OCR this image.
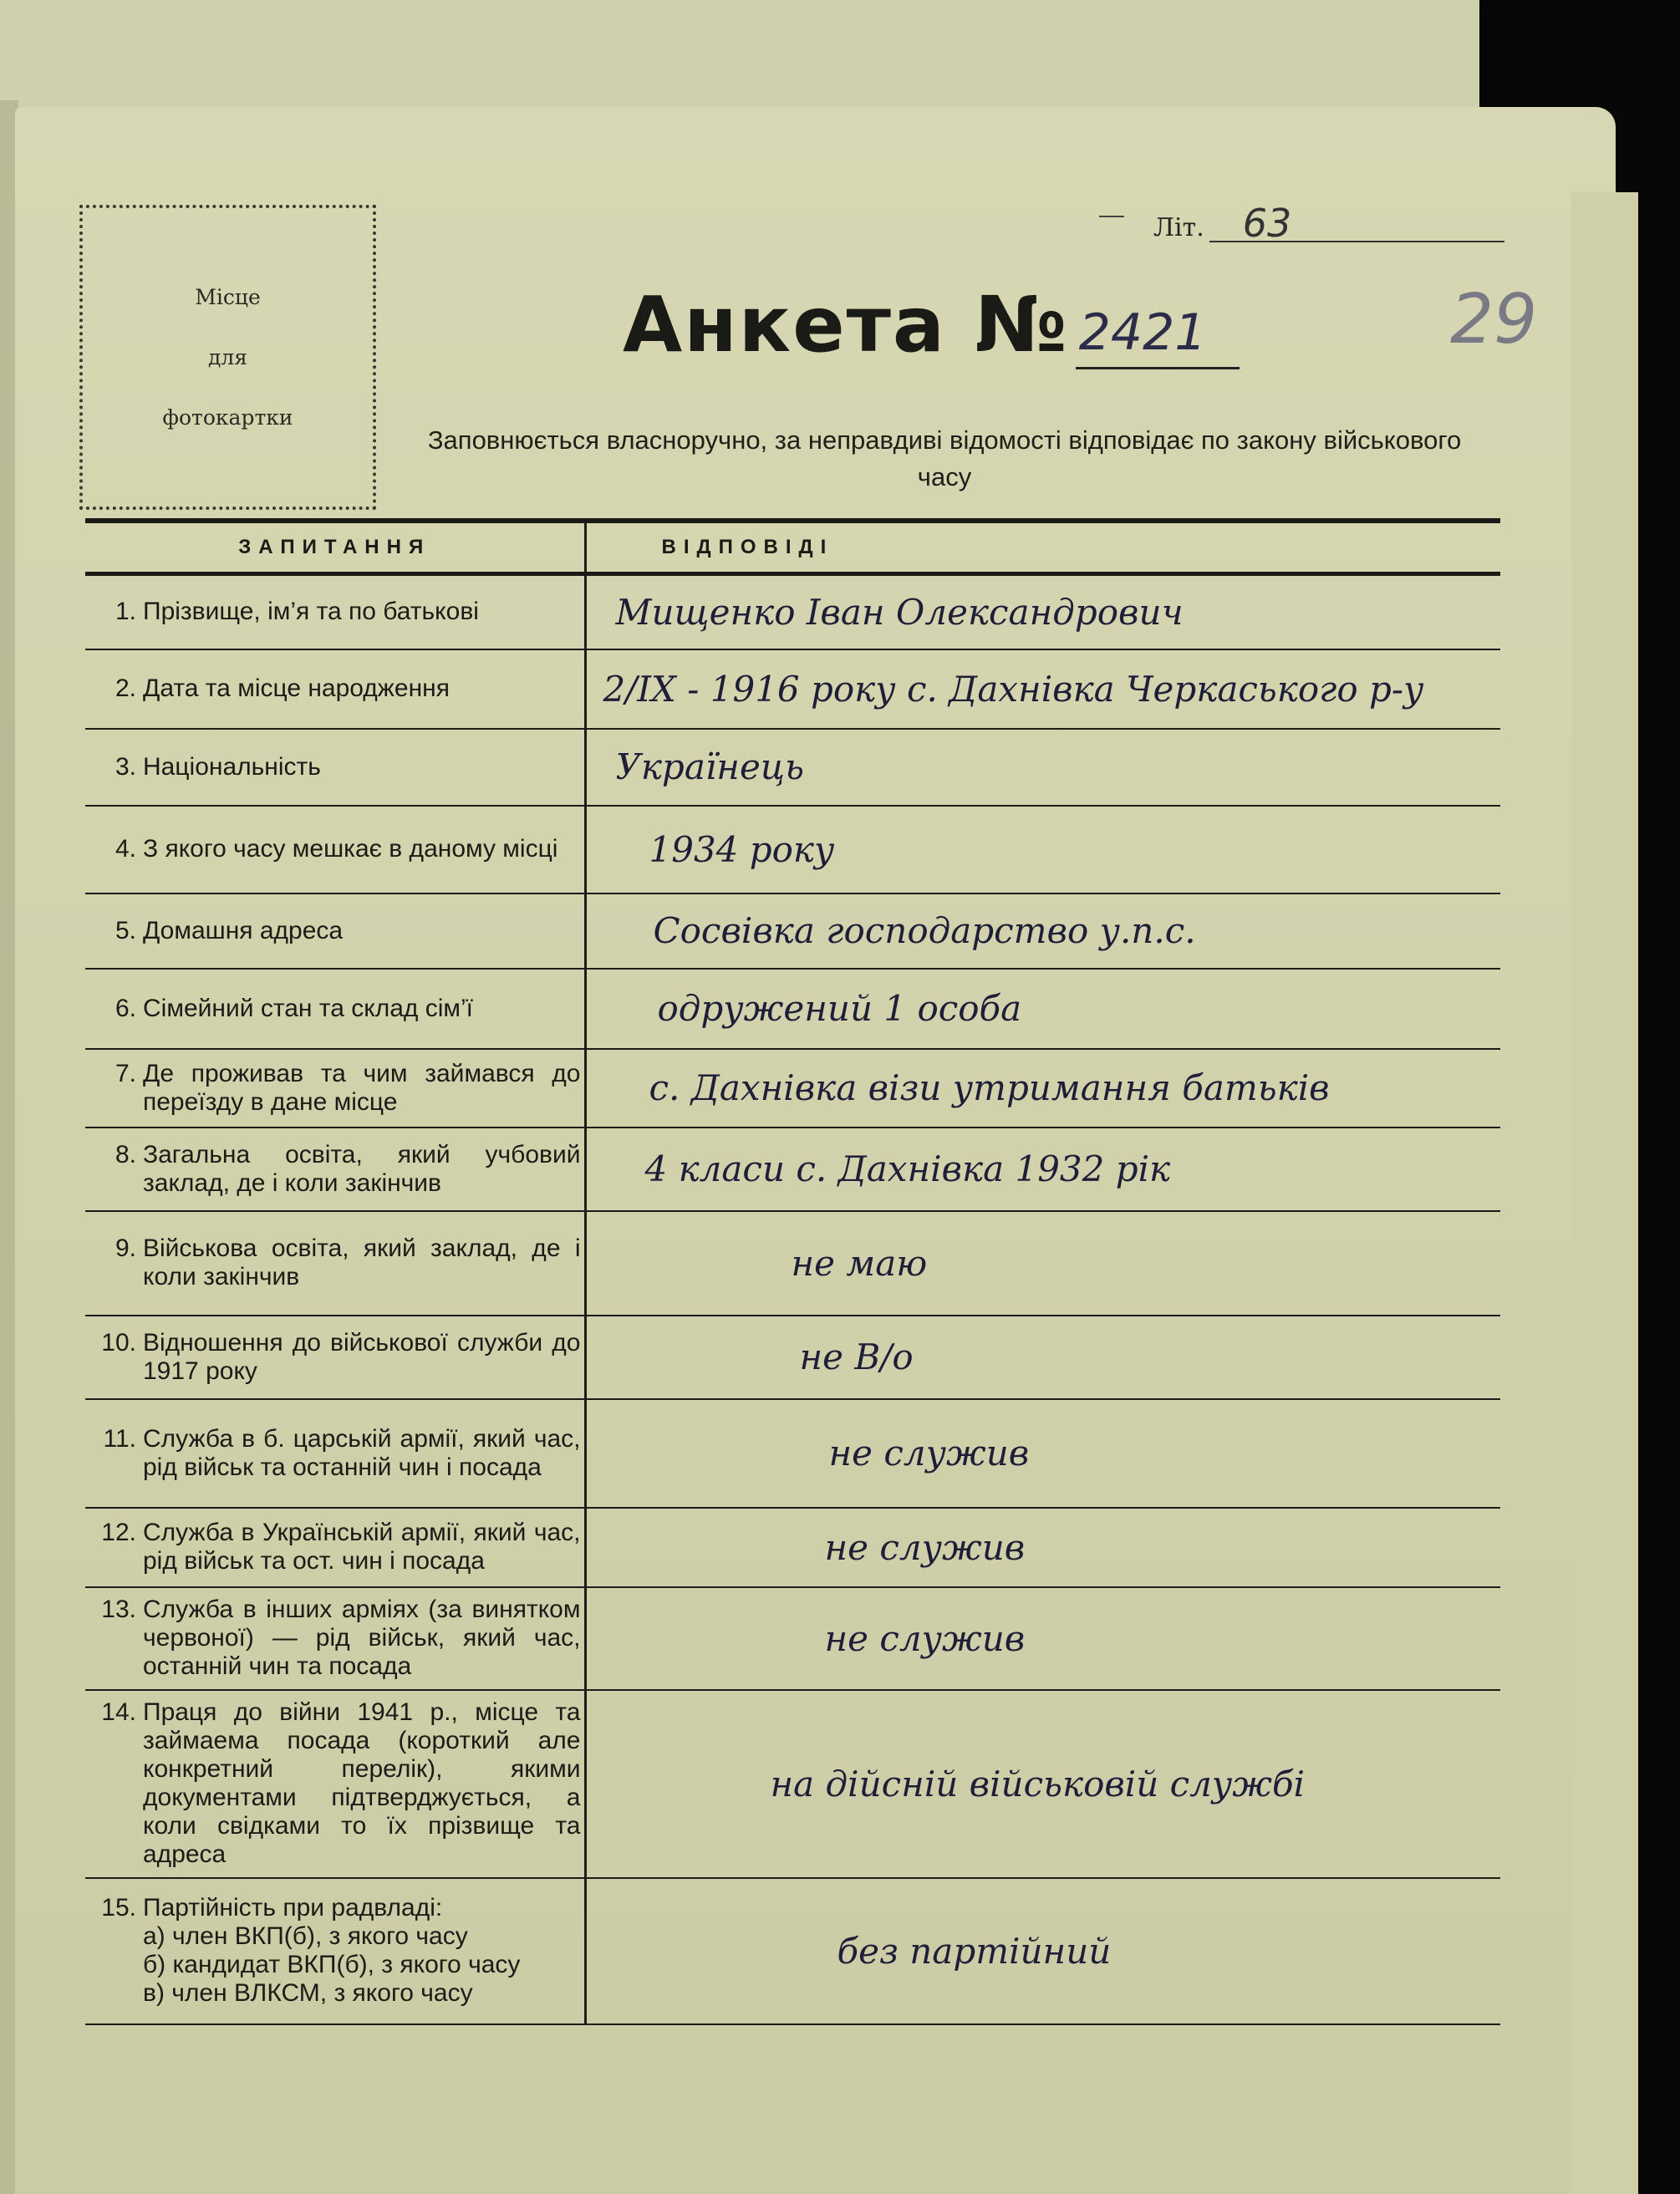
Місце
для
фотокартки
Літ.	63
29
Анкета № 2421
Заповнюється власноручно, за неправдиві відомості відповідає по закону військового часу
ЗАПИТАННЯ	ВІДПОВІДІ

1. Прізвище, ім’я та по батькові	Мищенко Іван Олександрович

2. Дата та місце народження	2/IX - 1916 року с. Дахнівка Черкаського р-у

3. Національність	Українець

4. З якого часу мешкає в даному місці	1934 року

5. Домашня адреса	Сосвівка господарство у.п.с.

6. Сімейний стан та склад сім’ї	одружений 1 особа

7. Де проживав та чим займався до переїзду в дане місце	с. Дахнівка візи утримання батьків

8. Загальна освіта, який учбовий заклад, де і коли закінчив	4 класи с. Дахнівка 1932 рік

9. Військова освіта, який заклад, де і коли закінчив	не маю

10. Відношення до військової служби до 1917 року	не В/о

11. Служба в б. царській армії, який час, рід військ та останній чин і посада	не служив

12. Служба в Українській армії, який час, рід військ та ост. чин і посада	не служив

13. Служба в інших арміях (за винятком червоної) — рід військ, який час, останній чин та посада	не служив

14. Праця до війни 1941 р., місце та займаема посада (короткий але конкретний перелік), якими документами підтверджується, а коли свідками то їх прізвище та адреса	на дійсній військовій службі

15. Партійність при радвладі:
а) член ВКП(б), з якого часу
б) кандидат ВКП(б), з якого часу
в) член ВЛКСМ, з якого часу	без партійний
